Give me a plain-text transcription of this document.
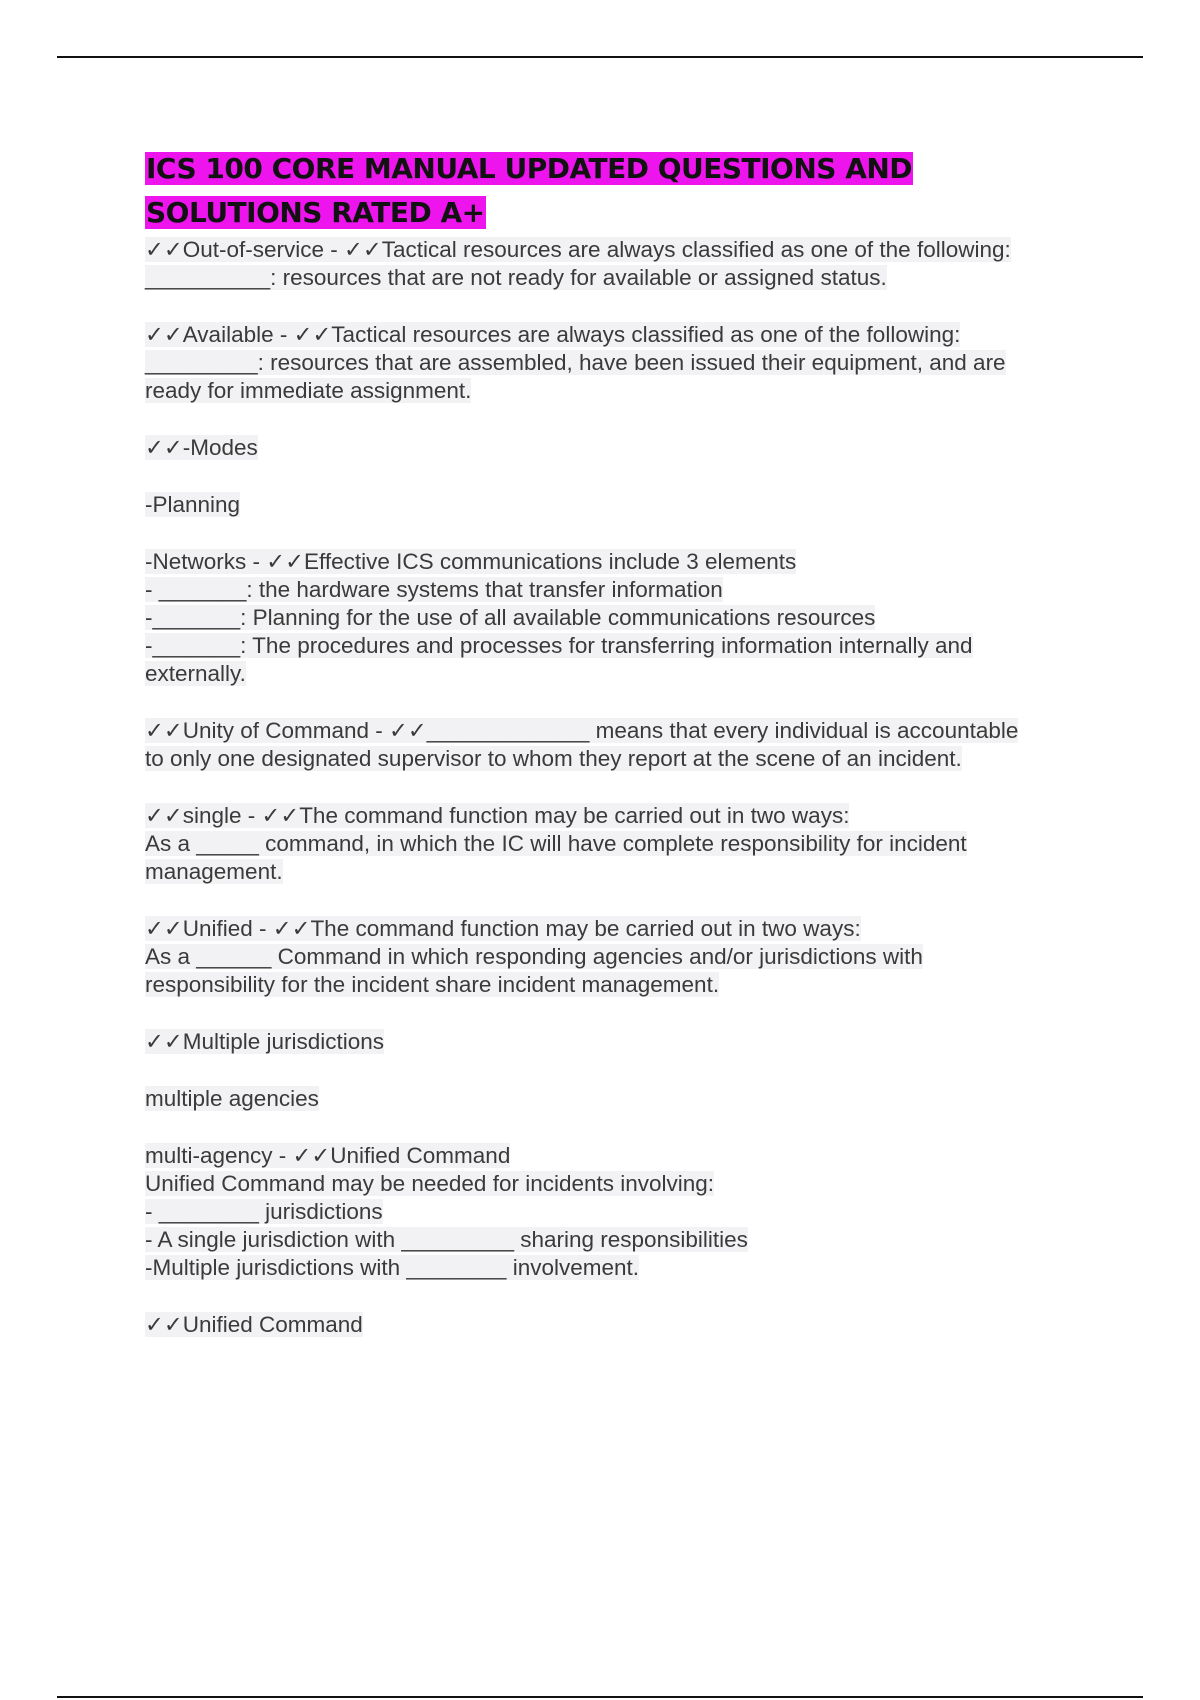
ICS 100 CORE MANUAL UPDATED QUESTIONS AND
SOLUTIONS RATED A+
✓✓Out-of-service - ✓✓Tactical resources are always classified as one of the following:
__________: resources that are not ready for available or assigned status.
✓✓Available - ✓✓Tactical resources are always classified as one of the following:
_________: resources that are assembled, have been issued their equipment, and are
ready for immediate assignment.
✓✓-Modes
-Planning
-Networks - ✓✓Effective ICS communications include 3 elements
- _______: the hardware systems that transfer information
-_______: Planning for the use of all available communications resources
-_______: The procedures and processes for transferring information internally and
externally.
✓✓Unity of Command - ✓✓_____________ means that every individual is accountable
to only one designated supervisor to whom they report at the scene of an incident.
✓✓single - ✓✓The command function may be carried out in two ways:
As a _____ command, in which the IC will have complete responsibility for incident
management.
✓✓Unified - ✓✓The command function may be carried out in two ways:
As a ______ Command in which responding agencies and/or jurisdictions with
responsibility for the incident share incident management.
✓✓Multiple jurisdictions
multiple agencies
multi-agency - ✓✓Unified Command
Unified Command may be needed for incidents involving:
- ________ jurisdictions
- A single jurisdiction with _________ sharing responsibilities
-Multiple jurisdictions with ________ involvement.
✓✓Unified Command
